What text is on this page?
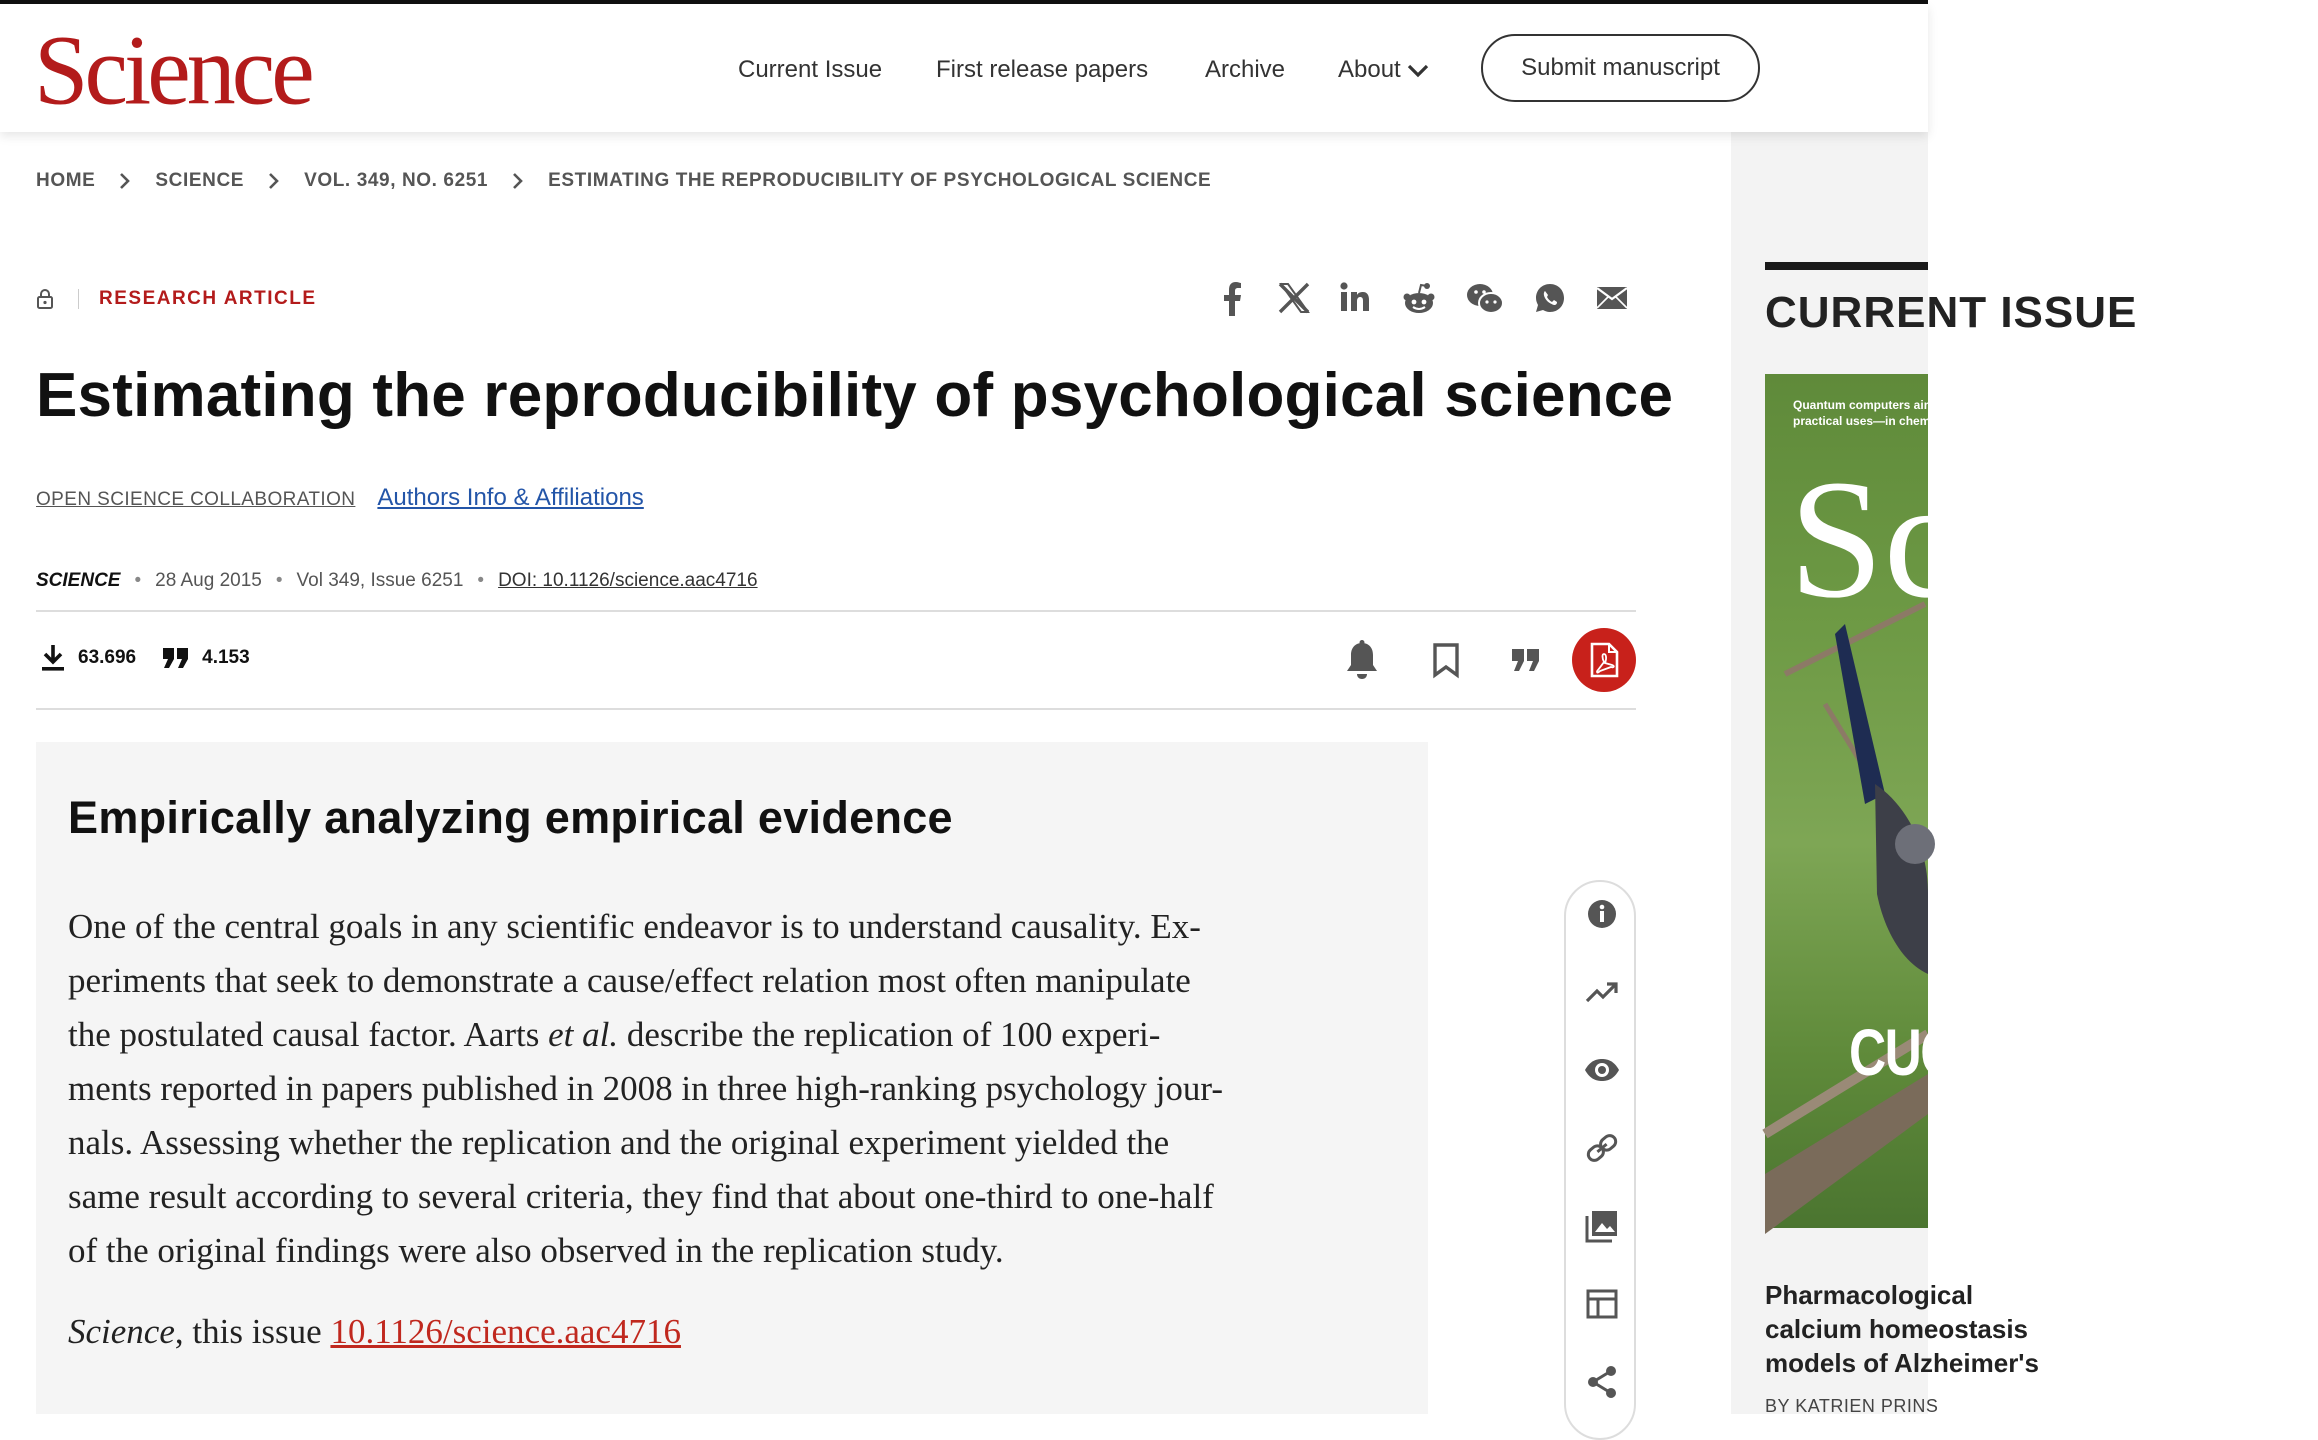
Science	Current Issue First release papers Archive About	Submit manuscript
CURRENT ISSUE
Quantum computers aim for practical uses—in chemistry
Science
CUCKOO
Pharmacological
calcium homeostasis
models of Alzheimer's
BY KATRIEN PRINS
HOME	SCIENCE	VOL. 349, NO. 6251	ESTIMATING THE REPRODUCIBILITY OF PSYCHOLOGICAL SCIENCE
RESEARCH ARTICLE
Estimating the reproducibility of psychological science
OPEN SCIENCE COLLABORATION Authors Info & Affiliations
SCIENCE • 28 Aug 2015 • Vol 349, Issue 6251 • DOI: 10.1126/science.aac4716
63.696	4.153
Empirically analyzing empirical evidence
One of the central goals in any scientific endeavor is to understand causality. Ex-
periments that seek to demonstrate a cause/effect relation most often manipulate
the postulated causal factor. Aarts et al. describe the replication of 100 experi-
ments reported in papers published in 2008 in three high-ranking psychology jour-
nals. Assessing whether the replication and the original experiment yielded the
same result according to several criteria, they find that about one-third to one-half
of the original findings were also observed in the replication study.
Science, this issue 10.1126/science.aac4716
